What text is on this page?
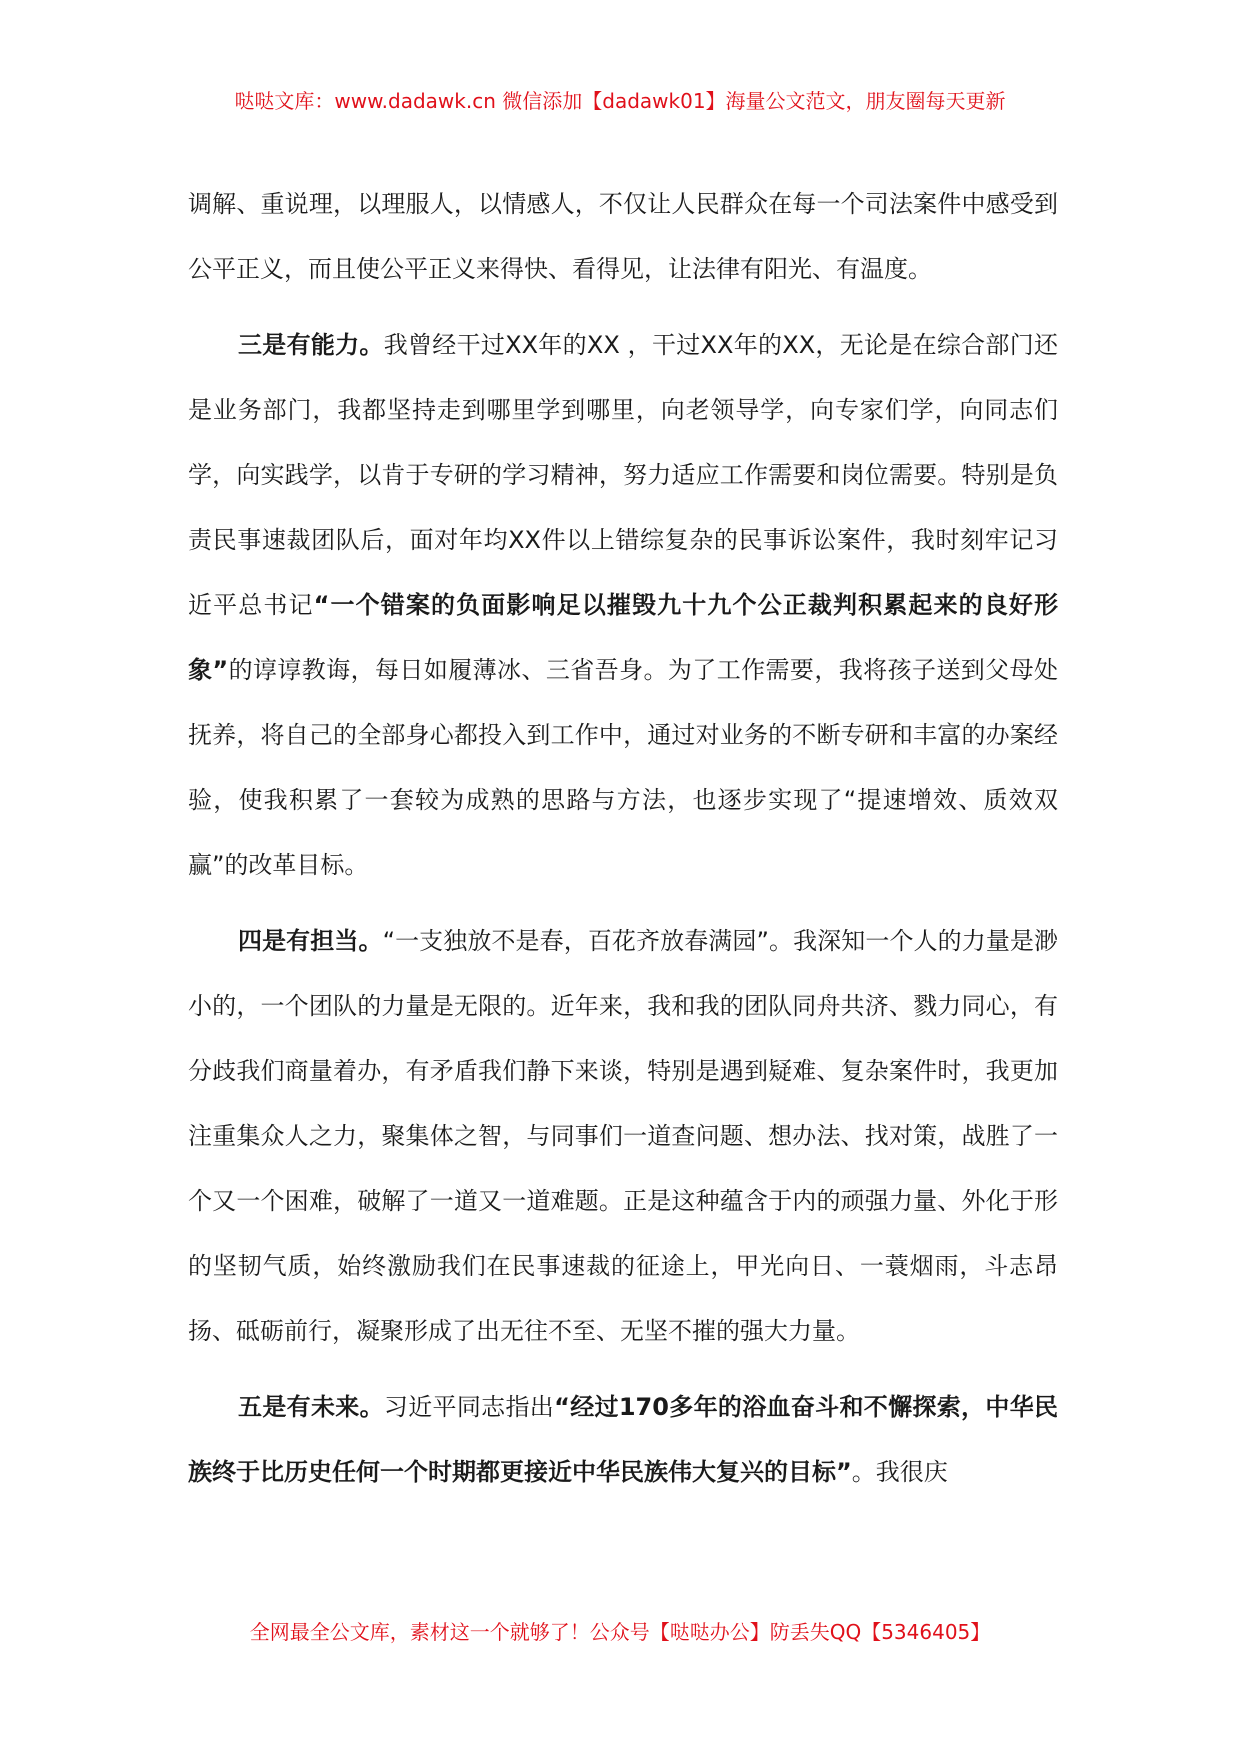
哒哒文库：www.dadawk.cn 微信添加【dadawk01】海量公文范文，朋友圈每天更新

调解、重说理，以理服人，以情感人，不仅让人民群众在每一个司法案件中感受到公平正义，而且使公平正义来得快、看得见，让法律有阳光、有温度。

三是有能力。我曾经干过XX年的XX ，干过XX年的XX，无论是在综合部门还是业务部门，我都坚持走到哪里学到哪里，向老领导学，向专家们学，向同志们学，向实践学，以肯于专研的学习精神，努力适应工作需要和岗位需要。特别是负责民事速裁团队后，面对年均XX件以上错综复杂的民事诉讼案件，我时刻牢记习近平总书记“一个错案的负面影响足以摧毁九十九个公正裁判积累起来的良好形象”的谆谆教诲，每日如履薄冰、三省吾身。为了工作需要，我将孩子送到父母处抚养，将自己的全部身心都投入到工作中，通过对业务的不断专研和丰富的办案经验，使我积累了一套较为成熟的思路与方法，也逐步实现了“提速增效、质效双赢”的改革目标。

四是有担当。“一支独放不是春，百花齐放春满园”。我深知一个人的力量是渺小的，一个团队的力量是无限的。近年来，我和我的团队同舟共济、戮力同心，有分歧我们商量着办，有矛盾我们静下来谈，特别是遇到疑难、复杂案件时，我更加注重集众人之力，聚集体之智，与同事们一道查问题、想办法、找对策，战胜了一个又一个困难，破解了一道又一道难题。正是这种蕴含于内的顽强力量、外化于形的坚韧气质，始终激励我们在民事速裁的征途上，甲光向日、一蓑烟雨，斗志昂扬、砥砺前行，凝聚形成了出无往不至、无坚不摧的强大力量。

五是有未来。习近平同志指出“经过170多年的浴血奋斗和不懈探索，中华民族终于比历史任何一个时期都更接近中华民族伟大复兴的目标”。我很庆

全网最全公文库，素材这一个就够了！公众号【哒哒办公】防丢失QQ【5346405】
